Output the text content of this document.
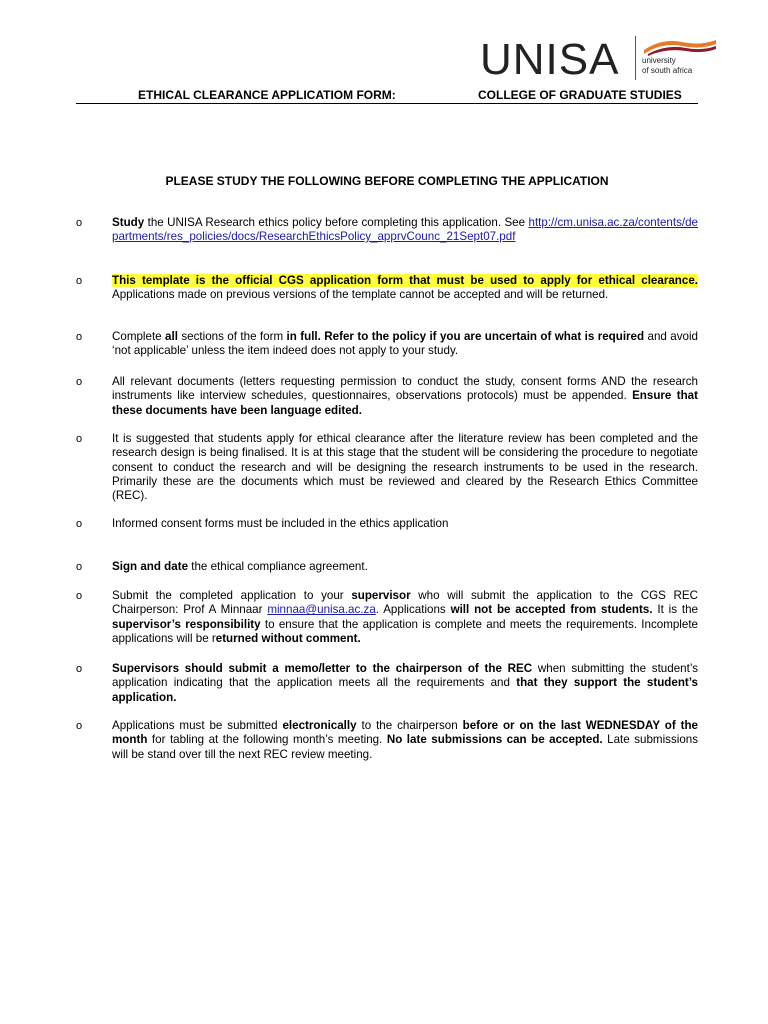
UNISA	university
of south africa
ETHICAL CLEARANCE APPLICATIOM FORM:	COLLEGE OF GRADUATE STUDIES
PLEASE STUDY THE FOLLOWING BEFORE COMPLETING THE APPLICATION
o	Study the UNISA Research ethics policy before completing this application. See http://cm.unisa.ac.za/contents/departments/res_policies/docs/ResearchEthicsPolicy_apprvCounc_21Sept07.pdf
o	This template is the official CGS application form that must be used to apply for ethical clearance. Applications made on previous versions of the template cannot be accepted and will be returned.
o	Complete all sections of the form in full. Refer to the policy if you are uncertain of what is required and avoid ‘not applicable’ unless the item indeed does not apply to your study.
o	All relevant documents (letters requesting permission to conduct the study, consent forms AND the research instruments like interview schedules, questionnaires, observations protocols) must be appended. Ensure that these documents have been language edited.
o	It is suggested that students apply for ethical clearance after the literature review has been completed and the research design is being finalised. It is at this stage that the student will be considering the procedure to negotiate consent to conduct the research and will be designing the research instruments to be used in the research. Primarily these are the documents which must be reviewed and cleared by the Research Ethics Committee (REC).
o	Informed consent forms must be included in the ethics application
o	Sign and date the ethical compliance agreement.
o	Submit the completed application to your supervisor who will submit the application to the CGS REC Chairperson: Prof A Minnaar minnaa@unisa.ac.za. Applications will not be accepted from students. It is the supervisor’s responsibility to ensure that the application is complete and meets the requirements. Incomplete applications will be returned without comment.
o	Supervisors should submit a memo/letter to the chairperson of the REC when submitting the student’s application indicating that the application meets all the requirements and that they support the student’s application.
o	Applications must be submitted electronically to the chairperson before or on the last WEDNESDAY of the month for tabling at the following month’s meeting. No late submissions can be accepted. Late submissions will be stand over till the next REC review meeting.
